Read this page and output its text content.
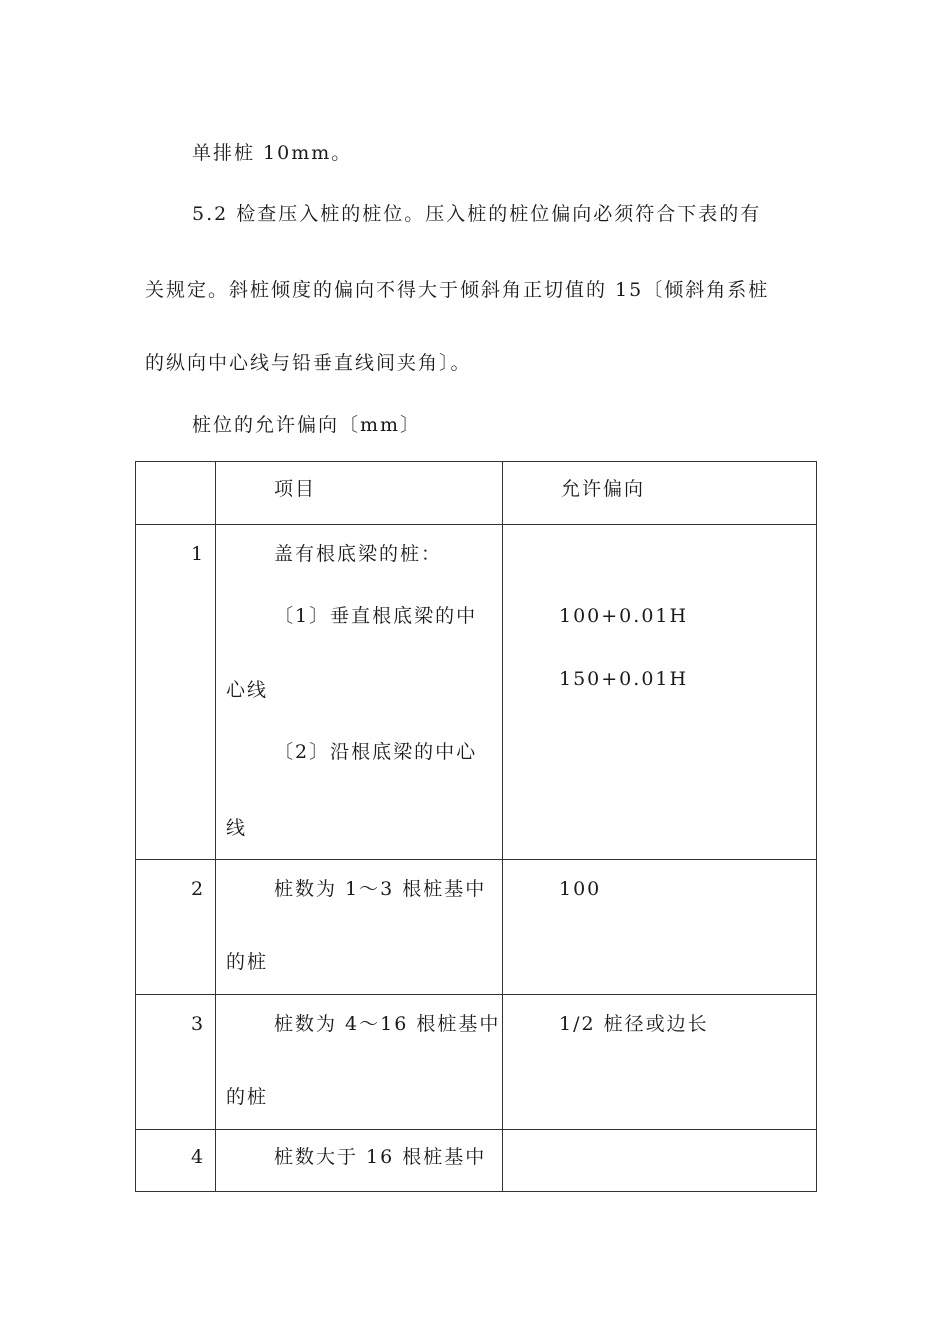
单排桩 10mm。
5.2 检查压入桩的桩位。压入桩的桩位偏向必须符合下表的有
关规定。斜桩倾度的偏向不得大于倾斜角正切值的 15〔倾斜角系桩
的纵向中心线与铅垂直线间夹角〕。
桩位的允许偏向〔mm〕

	项目	允许偏向

1	盖有根底梁的桩：
〔1〕垂直根底梁的中
心线
〔2〕沿根底梁的中心
线	100+0.01H
150+0.01H

2	桩数为 1～3 根桩基中
的桩	100

3	桩数为 4～16 根桩基中
的桩	1/2 桩径或边长

4	桩数大于 16 根桩基中	
